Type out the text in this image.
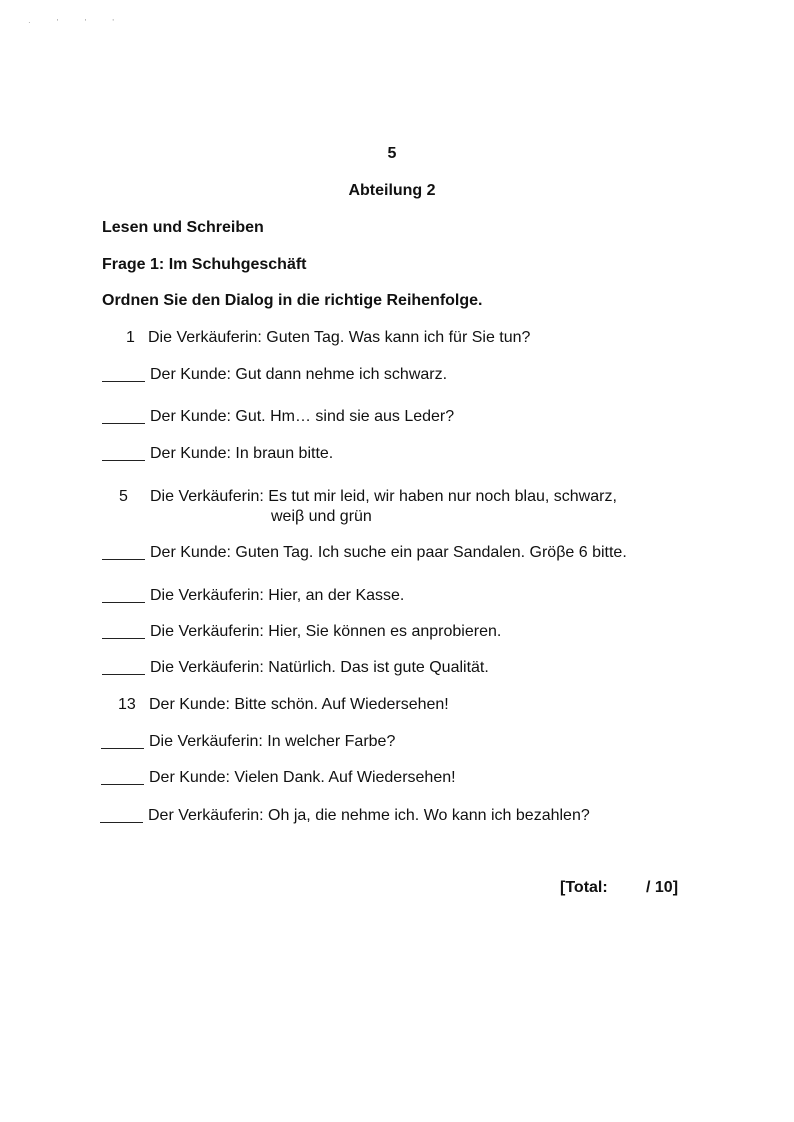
· ' ' '
5
Abteilung 2
Lesen und Schreiben
Frage 1: Im Schuhgeschäft
Ordnen Sie den Dialog in die richtige Reihenfolge.
1 Die Verkäuferin: Guten Tag. Was kann ich für Sie tun?
Der Kunde: Gut dann nehme ich schwarz.
Der Kunde: Gut. Hm… sind sie aus Leder?
Der Kunde: In braun bitte.
5 Die Verkäuferin: Es tut mir leid, wir haben nur noch blau, schwarz,
weiβ und grün
Der Kunde: Guten Tag. Ich suche ein paar Sandalen. Gröβe 6 bitte.
Die Verkäuferin: Hier, an der Kasse.
Die Verkäuferin: Hier, Sie können es anprobieren.
Die Verkäuferin: Natürlich. Das ist gute Qualität.
13 Der Kunde: Bitte schön. Auf Wiedersehen!
Die Verkäuferin: In welcher Farbe?
Der Kunde: Vielen Dank. Auf Wiedersehen!
Der Verkäuferin: Oh ja, die nehme ich. Wo kann ich bezahlen?
[Total: / 10]
